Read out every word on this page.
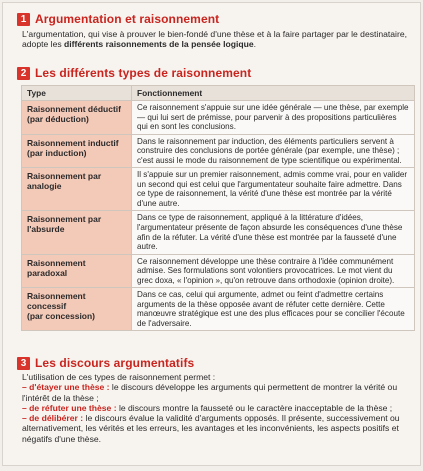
1 Argumentation et raisonnement
L'argumentation, qui vise à prouver le bien-fondé d'une thèse et à la faire partager par le destinataire, adopte les différents raisonnements de la pensée logique.
2 Les différents types de raisonnement
Type	Fonctionnement

Raisonnement déductif
(par déduction)	Ce raisonnement s'appuie sur une idée générale — une thèse, par exemple — qui lui sert de prémisse, pour parvenir à des propositions particulières qui en sont les conclusions.

Raisonnement inductif
(par induction)	Dans le raisonnement par induction, des éléments particuliers servent à construire des conclusions de portée générale (par exemple, une thèse) ; c'est aussi le mode du raisonnement de type scientifique ou expérimental.

Raisonnement par analogie	Il s'appuie sur un premier raisonnement, admis comme vrai, pour en valider un second qui est celui que l'argumentateur souhaite faire admettre. Dans ce type de raisonnement, la vérité d'une thèse est montrée par la vérité d'une autre.

Raisonnement par l'absurde	Dans ce type de raisonnement, appliqué à la littérature d'idées, l'argumentateur présente de façon absurde les conséquences d'une thèse afin de la réfuter. La vérité d'une thèse est montrée par la fausseté d'une autre.

Raisonnement paradoxal	Ce raisonnement développe une thèse contraire à l'idée communément admise. Ses formulations sont volontiers provocatrices. Le mot vient du grec doxa, « l'opinion », qu'on retrouve dans orthodoxie (opinion droite).

Raisonnement concessif
(par concession)	Dans ce cas, celui qui argumente, admet ou feint d'admettre certains arguments de la thèse opposée avant de réfuter cette dernière. Cette manœuvre stratégique est une des plus efficaces pour se concilier l'écoute de l'adversaire.
3 Les discours argumentatifs
L'utilisation de ces types de raisonnement permet :
– d'étayer une thèse : le discours développe les arguments qui permettent de montrer la vérité ou l'intérêt de la thèse ;
– de réfuter une thèse : le discours montre la fausseté ou le caractère inacceptable de la thèse ;
– de délibérer : le discours évalue la validité d'arguments opposés. Il présente, successivement ou alternativement, les vérités et les erreurs, les avantages et les inconvénients, les aspects positifs et négatifs d'une thèse.
